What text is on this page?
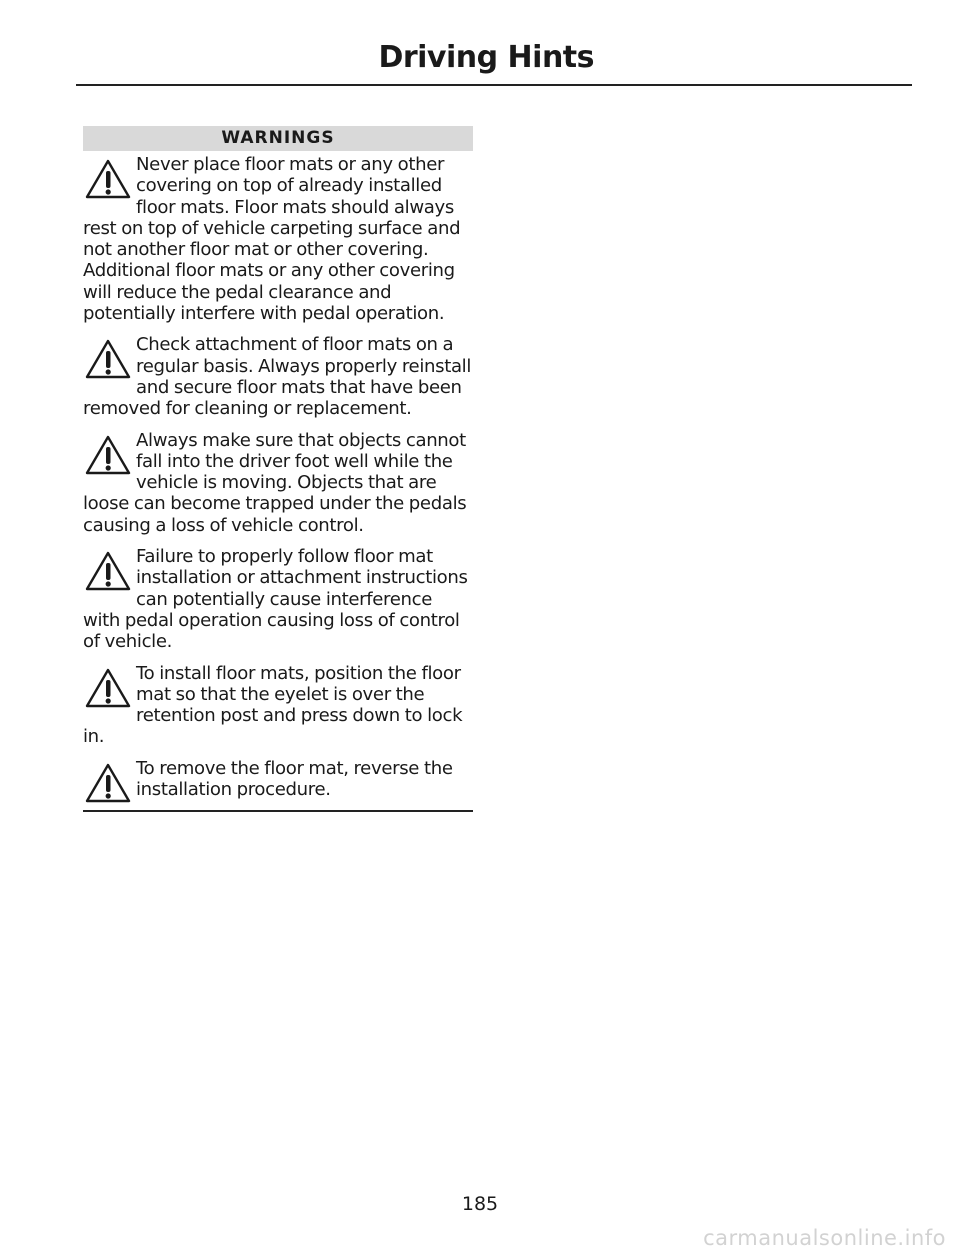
Driving Hints
WARNINGS
Never place floor mats or any other covering on top of already installed floor mats. Floor mats should always rest on top of vehicle carpeting surface and not another floor mat or other covering. Additional floor mats or any other covering will reduce the pedal clearance and potentially interfere with pedal operation.
Check attachment of floor mats on a regular basis. Always properly reinstall and secure floor mats that have been removed for cleaning or replacement.
Always make sure that objects cannot fall into the driver foot well while the vehicle is moving. Objects that are loose can become trapped under the pedals causing a loss of vehicle control.
Failure to properly follow floor mat installation or attachment instructions can potentially cause interference with pedal operation causing loss of control of vehicle.
To install floor mats, position the floor mat so that the eyelet is over the retention post and press down to lock in.
To remove the floor mat, reverse the installation procedure.
185
carmanualsonline.info
